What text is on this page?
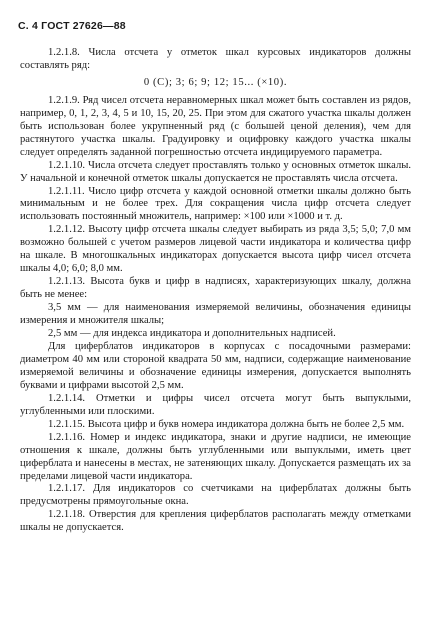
С. 4 ГОСТ 27626—88

1.2.1.8. Числа отсчета у отметок шкал курсовых индикаторов должны составлять ряд:

0 (С); 3; 6; 9; 12; 15... (×10).

1.2.1.9. Ряд чисел отсчета неравномерных шкал может быть составлен из рядов, например, 0, 1, 2, 3, 4, 5 и 10, 15, 20, 25. При этом для сжатого участка шкалы должен быть использован более укрупненный ряд (с большей ценой деления), чем для растянутого участка шкалы. Градуировку и оцифровку каждого участка шкалы следует определять заданной погрешностью отсчета индицируемого параметра.

1.2.1.10. Числа отсчета следует проставлять только у основных отметок шкалы. У начальной и конечной отметок шкалы допускается не проставлять числа отсчета.

1.2.1.11. Число цифр отсчета у каждой основной отметки шкалы должно быть минимальным и не более трех. Для сокращения числа цифр отсчета следует использовать постоянный множитель, например: ×100 или ×1000 и т. д.

1.2.1.12. Высоту цифр отсчета шкалы следует выбирать из ряда 3,5; 5,0; 7,0 мм возможно большей с учетом размеров лицевой части индикатора и количества цифр на шкале. В многошкальных индикаторах допускается высота цифр чисел отсчета шкалы 4,0; 6,0; 8,0 мм.

1.2.1.13. Высота букв и цифр в надписях, характеризующих шкалу, должна быть не менее:

3,5 мм — для наименования измеряемой величины, обозначения единицы измерения и множителя шкалы;

2,5 мм — для индекса индикатора и дополнительных надписей.

Для циферблатов индикаторов в корпусах с посадочными размерами: диаметром 40 мм или стороной квадрата 50 мм, надписи, содержащие наименование измеряемой величины и обозначение единицы измерения, допускается выполнять буквами и цифрами высотой 2,5 мм.

1.2.1.14. Отметки и цифры чисел отсчета могут быть выпуклыми, углубленными или плоскими.

1.2.1.15. Высота цифр и букв номера индикатора должна быть не более 2,5 мм.

1.2.1.16. Номер и индекс индикатора, знаки и другие надписи, не имеющие отношения к шкале, должны быть углубленными или выпуклыми, иметь цвет циферблата и нанесены в местах, не затеняющих шкалу. Допускается размещать их за пределами лицевой части индикатора.

1.2.1.17. Для индикаторов со счетчиками на циферблатах должны быть предусмотрены прямоугольные окна.

1.2.1.18. Отверстия для крепления циферблатов располагать между отметками шкалы не допускается.
